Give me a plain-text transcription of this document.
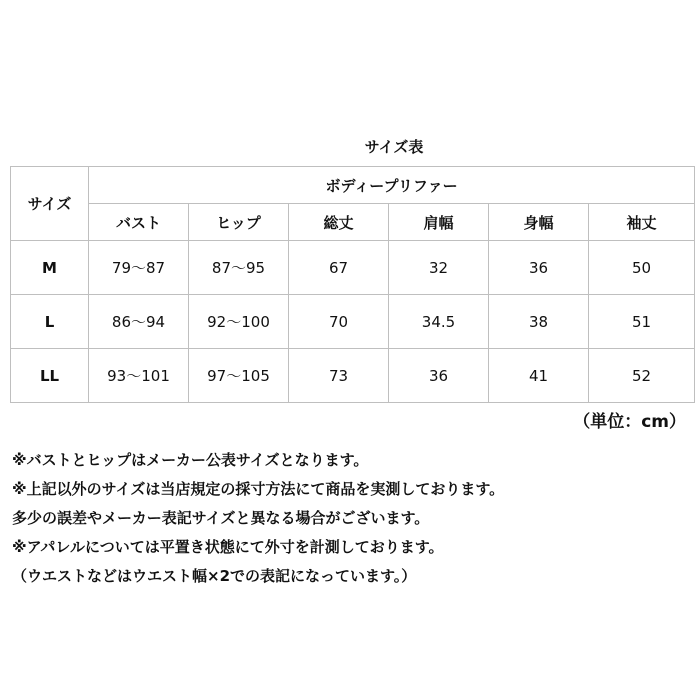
サイズ表
サイズ	ボディープリファー					
	バスト	ヒップ	総丈	肩幅	身幅	袖丈
M	79～87	87～95	67	32	36	50
L	86～94	92～100	70	34.5	38	51
LL	93～101	97～105	73	36	41	52
（単位：cm）
※バストとヒップはメーカー公表サイズとなります。
※上記以外のサイズは当店規定の採寸方法にて商品を実測しております。
多少の誤差やメーカー表記サイズと異なる場合がございます。
※アパレルについては平置き状態にて外寸を計測しております。
（ウエストなどはウエスト幅×2での表記になっています。）
